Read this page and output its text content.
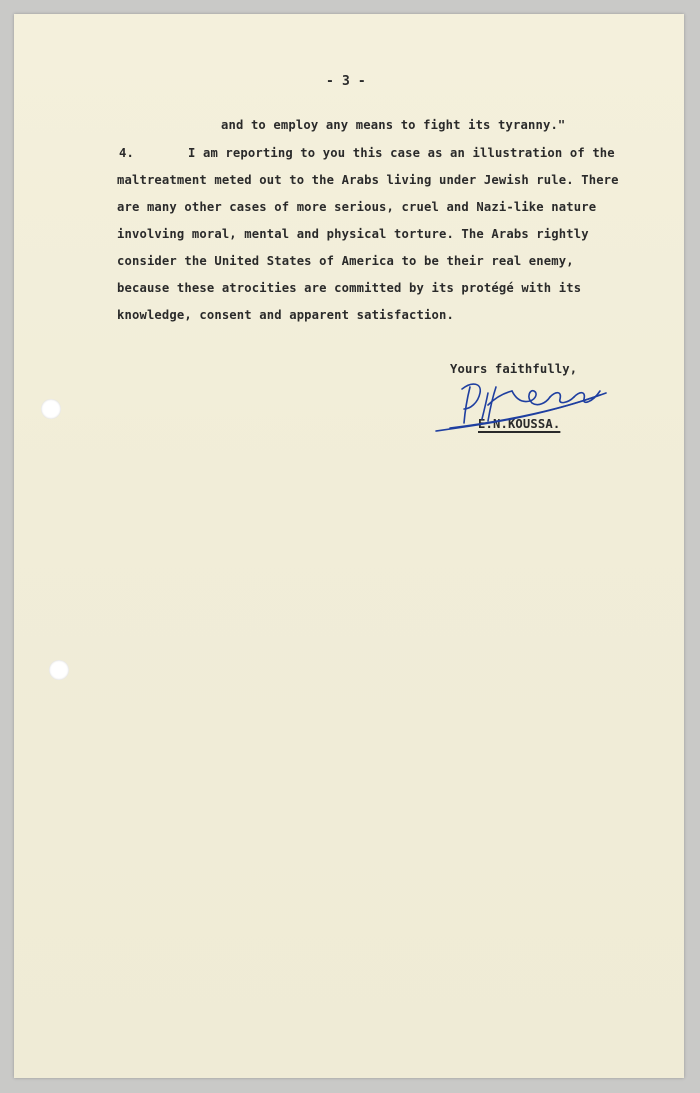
- 3 -
and to employ any means to fight its tyranny."
4.	I am reporting to you this case as an illustration of the
maltreatment meted out to the Arabs living under Jewish rule. There
are many other cases of more serious, cruel and Nazi-like nature
involving moral, mental and physical torture. The Arabs rightly
consider the United States of America to be their real enemy,
because these atrocities are committed by its protégé with its
knowledge, consent and apparent satisfaction.
Yours faithfully,
E.N.KOUSSA.
